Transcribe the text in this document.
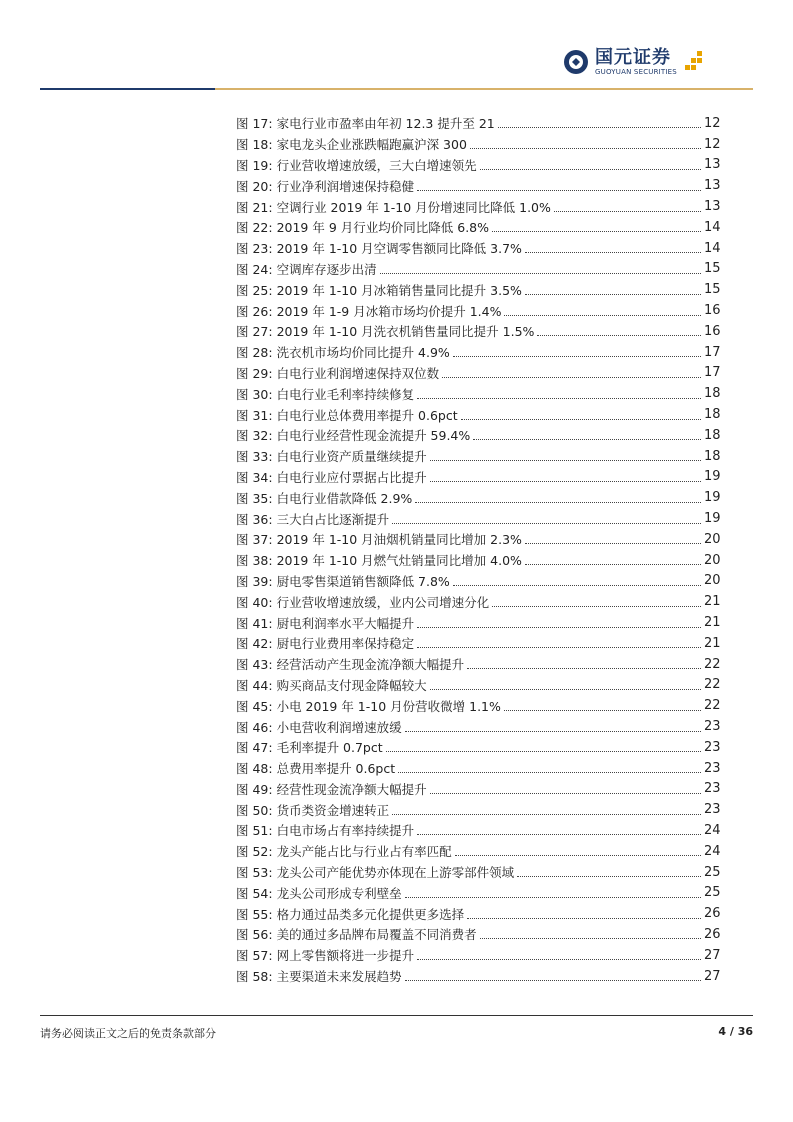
国元证券
GUOYUAN SECURITIES
图 17:
家电行业市盈率由年初 12.3 提升至 21	12
图 18:
家电龙头企业涨跌幅跑赢沪深 300	12
图 19:
行业营收增速放缓，三大白增速领先	13
图 20:
行业净利润增速保持稳健	13
图 21:
空调行业 2019 年 1-10 月份增速同比降低 1.0%	13
图 22:
2019 年 9 月行业均价同比降低 6.8%	14
图 23:
2019 年 1-10 月空调零售额同比降低 3.7%	14
图 24:
空调库存逐步出清	15
图 25:
2019 年 1-10 月冰箱销售量同比提升 3.5%	15
图 26:
2019 年 1-9 月冰箱市场均价提升 1.4%	16
图 27:
2019 年 1-10 月洗衣机销售量同比提升 1.5%	16
图 28:
洗衣机市场均价同比提升 4.9%	17
图 29:
白电行业利润增速保持双位数	17
图 30:
白电行业毛利率持续修复	18
图 31:
白电行业总体费用率提升 0.6pct	18
图 32:
白电行业经营性现金流提升 59.4%	18
图 33:
白电行业资产质量继续提升	18
图 34:
白电行业应付票据占比提升	19
图 35:
白电行业借款降低 2.9%	19
图 36:
三大白占比逐渐提升	19
图 37:
2019 年 1-10 月油烟机销量同比增加 2.3%	20
图 38:
2019 年 1-10 月燃气灶销量同比增加 4.0%	20
图 39:
厨电零售渠道销售额降低 7.8%	20
图 40:
行业营收增速放缓，业内公司增速分化	21
图 41:
厨电利润率水平大幅提升	21
图 42:
厨电行业费用率保持稳定	21
图 43:
经营活动产生现金流净额大幅提升	22
图 44:
购买商品支付现金降幅较大	22
图 45:
小电 2019 年 1-10 月份营收微增 1.1%	22
图 46:
小电营收利润增速放缓	23
图 47:
毛利率提升 0.7pct	23
图 48:
总费用率提升 0.6pct	23
图 49:
经营性现金流净额大幅提升	23
图 50:
货币类资金增速转正	23
图 51:
白电市场占有率持续提升	24
图 52:
龙头产能占比与行业占有率匹配	24
图 53:
龙头公司产能优势亦体现在上游零部件领域	25
图 54:
龙头公司形成专利壁垒	25
图 55:
格力通过品类多元化提供更多选择	26
图 56:
美的通过多品牌布局覆盖不同消费者	26
图 57:
网上零售额将进一步提升	27
图 58:
主要渠道未来发展趋势	27
请务必阅读正文之后的免责条款部分	4 / 36
